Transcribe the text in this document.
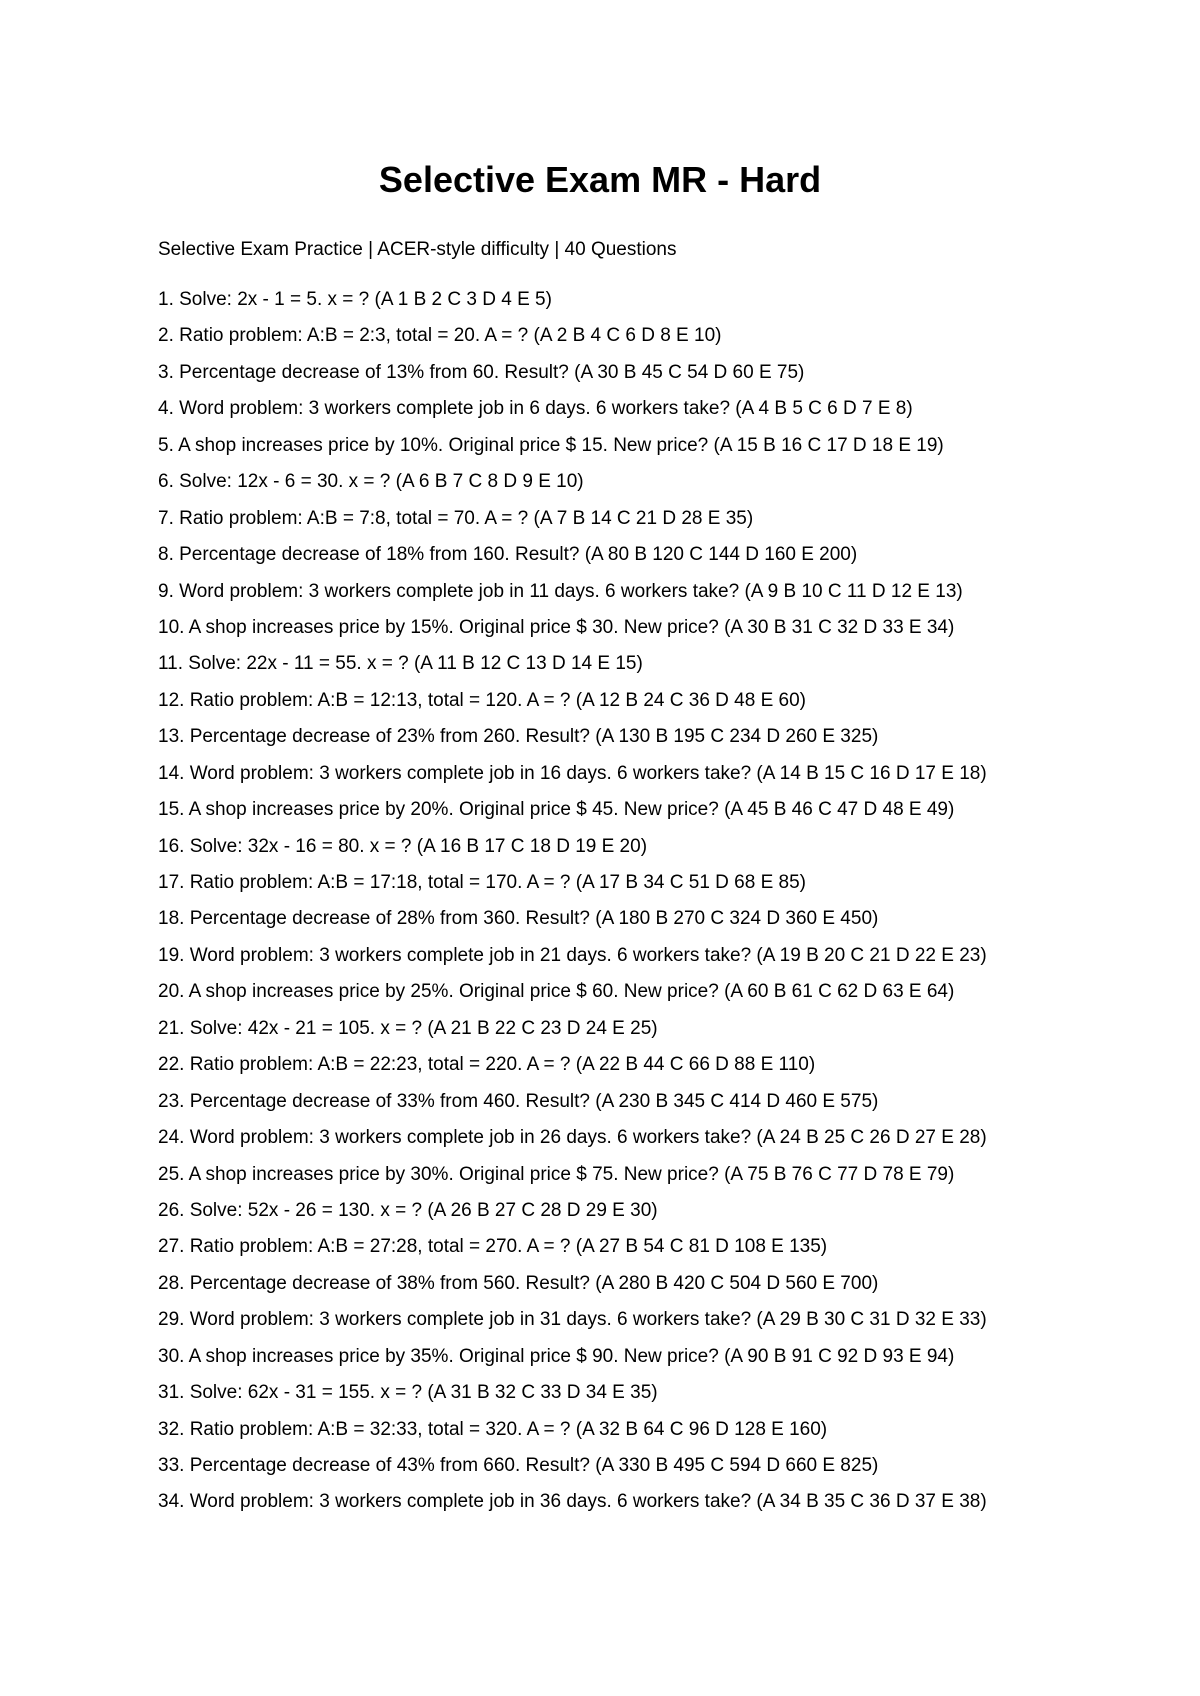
Selective Exam MR - Hard

Selective Exam Practice | ACER-style difficulty | 40 Questions

1. Solve: 2x - 1 = 5. x = ? (A 1 B 2 C 3 D 4 E 5)
2. Ratio problem: A:B = 2:3, total = 20. A = ? (A 2 B 4 C 6 D 8 E 10)
3. Percentage decrease of 13% from 60. Result? (A 30 B 45 C 54 D 60 E 75)
4. Word problem: 3 workers complete job in 6 days. 6 workers take? (A 4 B 5 C 6 D 7 E 8)
5. A shop increases price by 10%. Original price $ 15. New price? (A 15 B 16 C 17 D 18 E 19)
6. Solve: 12x - 6 = 30. x = ? (A 6 B 7 C 8 D 9 E 10)
7. Ratio problem: A:B = 7:8, total = 70. A = ? (A 7 B 14 C 21 D 28 E 35)
8. Percentage decrease of 18% from 160. Result? (A 80 B 120 C 144 D 160 E 200)
9. Word problem: 3 workers complete job in 11 days. 6 workers take? (A 9 B 10 C 11 D 12 E 13)
10. A shop increases price by 15%. Original price $ 30. New price? (A 30 B 31 C 32 D 33 E 34)
11. Solve: 22x - 11 = 55. x = ? (A 11 B 12 C 13 D 14 E 15)
12. Ratio problem: A:B = 12:13, total = 120. A = ? (A 12 B 24 C 36 D 48 E 60)
13. Percentage decrease of 23% from 260. Result? (A 130 B 195 C 234 D 260 E 325)
14. Word problem: 3 workers complete job in 16 days. 6 workers take? (A 14 B 15 C 16 D 17 E 18)
15. A shop increases price by 20%. Original price $ 45. New price? (A 45 B 46 C 47 D 48 E 49)
16. Solve: 32x - 16 = 80. x = ? (A 16 B 17 C 18 D 19 E 20)
17. Ratio problem: A:B = 17:18, total = 170. A = ? (A 17 B 34 C 51 D 68 E 85)
18. Percentage decrease of 28% from 360. Result? (A 180 B 270 C 324 D 360 E 450)
19. Word problem: 3 workers complete job in 21 days. 6 workers take? (A 19 B 20 C 21 D 22 E 23)
20. A shop increases price by 25%. Original price $ 60. New price? (A 60 B 61 C 62 D 63 E 64)
21. Solve: 42x - 21 = 105. x = ? (A 21 B 22 C 23 D 24 E 25)
22. Ratio problem: A:B = 22:23, total = 220. A = ? (A 22 B 44 C 66 D 88 E 110)
23. Percentage decrease of 33% from 460. Result? (A 230 B 345 C 414 D 460 E 575)
24. Word problem: 3 workers complete job in 26 days. 6 workers take? (A 24 B 25 C 26 D 27 E 28)
25. A shop increases price by 30%. Original price $ 75. New price? (A 75 B 76 C 77 D 78 E 79)
26. Solve: 52x - 26 = 130. x = ? (A 26 B 27 C 28 D 29 E 30)
27. Ratio problem: A:B = 27:28, total = 270. A = ? (A 27 B 54 C 81 D 108 E 135)
28. Percentage decrease of 38% from 560. Result? (A 280 B 420 C 504 D 560 E 700)
29. Word problem: 3 workers complete job in 31 days. 6 workers take? (A 29 B 30 C 31 D 32 E 33)
30. A shop increases price by 35%. Original price $ 90. New price? (A 90 B 91 C 92 D 93 E 94)
31. Solve: 62x - 31 = 155. x = ? (A 31 B 32 C 33 D 34 E 35)
32. Ratio problem: A:B = 32:33, total = 320. A = ? (A 32 B 64 C 96 D 128 E 160)
33. Percentage decrease of 43% from 660. Result? (A 330 B 495 C 594 D 660 E 825)
34. Word problem: 3 workers complete job in 36 days. 6 workers take? (A 34 B 35 C 36 D 37 E 38)
